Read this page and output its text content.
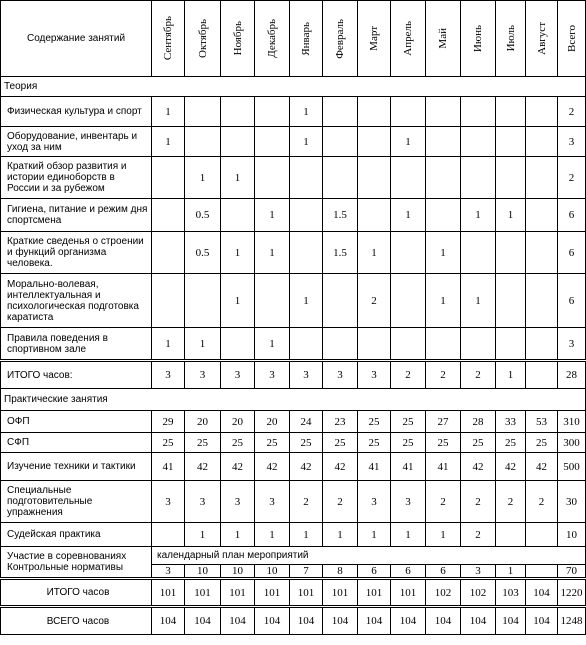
Содержание занятий	Сентябрь	Октябрь	Ноябрь	Декабрь	Январь	Февраль	Март	Апрель	Май	Июнь	Июль	Август	Всего

Теория													
Физическая культура и спорт	1				1								2
Оборудование, инвентарь и уход за ним	1				1			1					3
Краткий обзор развития и истории единоборств в России и за рубежом		1	1										2
Гигиена, питание и режим дня спортсмена		0.5		1		1.5		1		1	1		6
Краткие сведенья о строении и функций организма человека.		0.5	1	1		1.5	1		1				6
Морально-волевая, интеллектуальная и психологическая подготовка каратиста			1		1		2		1	1			6
Правила поведения в спортивном зале	1	1		1									3
ИТОГО часов:	3	3	3	3	3	3	3	2	2	2	1		28
Практические занятия													
ОФП	29	20	20	20	24	23	25	25	27	28	33	53	310
СФП	25	25	25	25	25	25	25	25	25	25	25	25	300
Изучение техники и тактики	41	42	42	42	42	42	41	41	41	42	42	42	500
Специальные подготовительные упражнения	3	3	3	3	2	2	3	3	2	2	2	2	30
Судейская практика		1	1	1	1	1	1	1	1	2			10

Участие в соревнованиях
Контрольные нормативы	календарный план мероприятий												
	3	10	10	10	7	8	6	6	6	3	1		70
ИТОГО часов	101	101	101	101	101	101	101	101	102	102	103	104	1220
ВСЕГО часов	104	104	104	104	104	104	104	104	104	104	104	104	1248
